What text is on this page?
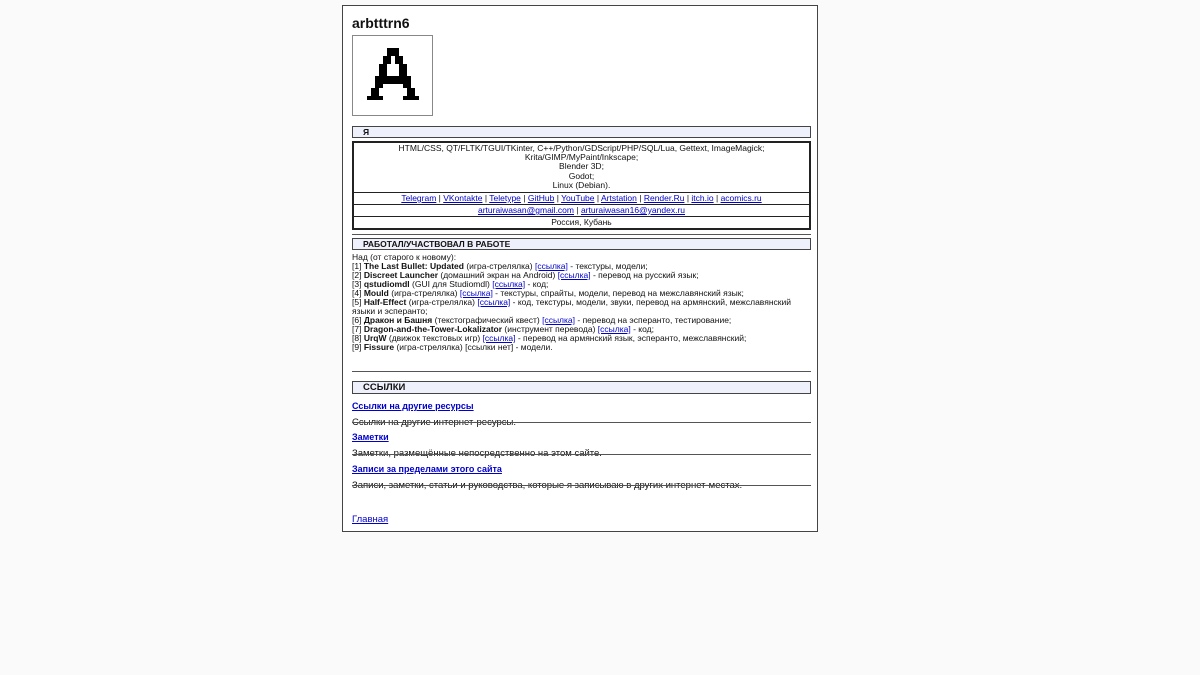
arbtttrn6
Я
HTML/CSS, QT/FLTK/TGUI/TKinter, C++/Python/GDScript/PHP/SQL/Lua, Gettext, ImageMagick;
Krita/GIMP/MyPaint/Inkscape;
Blender 3D;
Godot;
Linux (Debian).
Telegram | VKontakte | Teletype | GitHub | YouTube | Artstation | Render.Ru | itch.io | acomics.ru
arturaiwasan@gmail.com | arturaiwasan16@yandex.ru
Россия, Кубань
РАБОТАЛ/УЧАСТВОВАЛ В РАБОТЕ
Над (от старого к новому):
[1] The Last Bullet: Updated (игра-стрелялка) [ссылка] - текстуры, модели;
[2] Discreet Launcher (домашний экран на Android) [ссылка] - перевод на русский язык;
[3] qstudiomdl (GUI для Studiomdl) [ссылка] - код;
[4] Mould (игра-стрелялка) [ссылка] - текстуры, спрайты, модели, перевод на межславянский язык;
[5] Half-Effect (игра-стрелялка) [ссылка] - код, текстуры, модели, звуки, перевод на армянский, межславянский языки и эсперанто;
[6] Дракон и Башня (текстографический квест) [ссылка] - перевод на эсперанто, тестирование;
[7] Dragon-and-the-Tower-Lokalizator (инструмент перевода) [ссылка] - код;
[8] UrqW (движок текстовых игр) [ссылка] - перевод на армянский язык, эсперанто, межславянский;
[9] Fissure (игра-стрелялка) [ссылки нет] - модели.
ССЫЛКИ
Ссылки на другие ресурсы
Ссылки на другие интернет-ресурсы.
Заметки
Заметки, размещённые непосредственно на этом сайте.
Записи за пределами этого сайта
Записи, заметки, статьи и руководства, которые я записываю в других интернет-местах.
Главная
